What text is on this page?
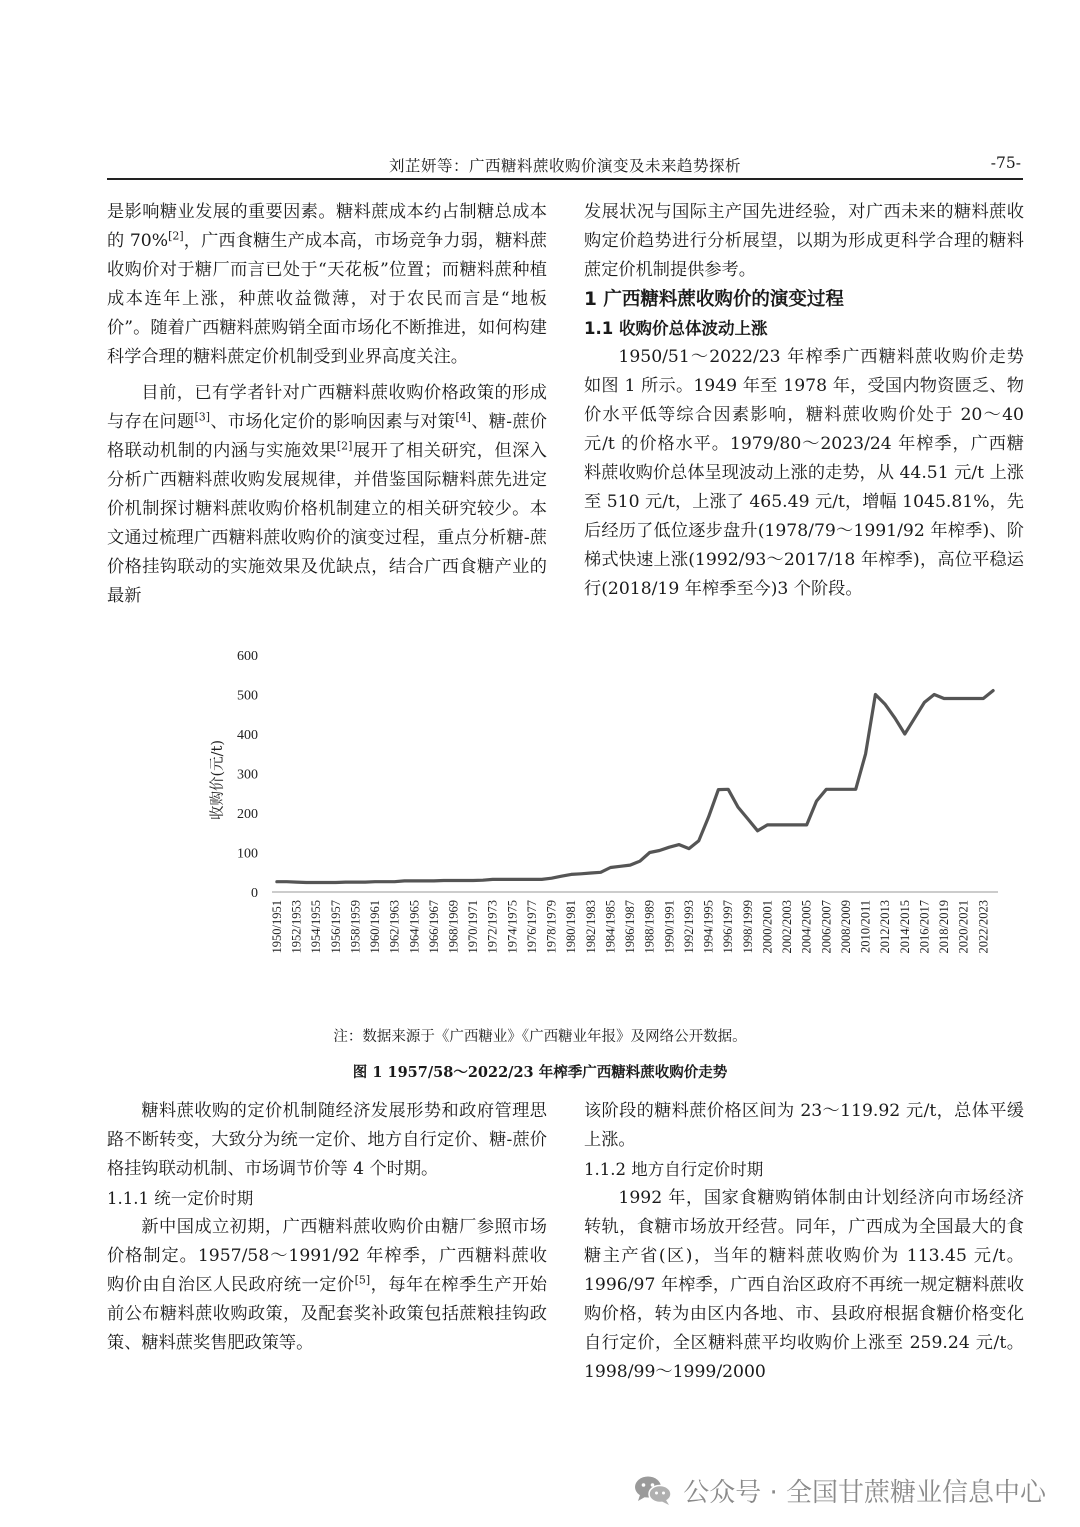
刘芷妍等：广西糖料蔗收购价演变及未来趋势探析	-75-

是影响糖业发展的重要因素。糖料蔗成本约占制糖总成本的 70%[2]，广西食糖生产成本高，市场竞争力弱，糖料蔗收购价对于糖厂而言已处于“天花板”位置；而糖料蔗种植成本连年上涨，种蔗收益微薄，对于农民而言是“地板价”。随着广西糖料蔗购销全面市场化不断推进，如何构建科学合理的糖料蔗定价机制受到业界高度关注。

目前，已有学者针对广西糖料蔗收购价格政策的形成与存在问题[3]、市场化定价的影响因素与对策[4]、糖-蔗价格联动机制的内涵与实施效果[2]展开了相关研究，但深入分析广西糖料蔗收购发展规律，并借鉴国际糖料蔗先进定价机制探讨糖料蔗收购价格机制建立的相关研究较少。本文通过梳理广西糖料蔗收购价的演变过程，重点分析糖-蔗价格挂钩联动的实施效果及优缺点，结合广西食糖产业的最新

发展状况与国际主产国先进经验，对广西未来的糖料蔗收购定价趋势进行分析展望，以期为形成更科学合理的糖料蔗定价机制提供参考。

1 广西糖料蔗收购价的演变过程

1.1 收购价总体波动上涨

1950/51～2022/23 年榨季广西糖料蔗收购价走势如图 1 所示。1949 年至 1978 年，受国内物资匮乏、物价水平低等综合因素影响，糖料蔗收购价处于 20～40 元/t 的价格水平。1979/80～2023/24 年榨季，广西糖料蔗收购价总体呈现波动上涨的走势，从 44.51 元/t 上涨至 510 元/t，上涨了 465.49 元/t，增幅 1045.81%，先后经历了低位逐步盘升(1978/79～1991/92 年榨季)、阶梯式快速上涨(1992/93～2017/18 年榨季)，高位平稳运行(2018/19 年榨季至今)3 个阶段。

收购价(元/t)
0
100
200
300
400
500
600
1950/1951 1952/1953 1954/1955 1956/1957 1958/1959 1960/1961 1962/1963 1964/1965 1966/1967 1968/1969 1970/1971 1972/1973 1974/1975 1976/1977 1978/1979 1980/1981 1982/1983 1984/1985 1986/1987 1988/1989 1990/1991 1992/1993 1994/1995 1996/1997 1998/1999 2000/2001 2002/2003 2004/2005 2006/2007 2008/2009 2010/2011 2012/2013 2014/2015 2016/2017 2018/2019 2020/2021 2022/2023
注：数据来源于《广西糖业》《广西糖业年报》及网络公开数据。
图 1 1957/58～2022/23 年榨季广西糖料蔗收购价走势

糖料蔗收购的定价机制随经济发展形势和政府管理思路不断转变，大致分为统一定价、地方自行定价、糖-蔗价格挂钩联动机制、市场调节价等 4 个时期。

1.1.1 统一定价时期

新中国成立初期，广西糖料蔗收购价由糖厂参照市场价格制定。1957/58～1991/92 年榨季，广西糖料蔗收购价由自治区人民政府统一定价[5]，每年在榨季生产开始前公布糖料蔗收购政策，及配套奖补政策包括蔗粮挂钩政策、糖料蔗奖售肥政策等。

该阶段的糖料蔗价格区间为 23～119.92 元/t，总体平缓上涨。

1.1.2 地方自行定价时期

1992 年，国家食糖购销体制由计划经济向市场经济转轨，食糖市场放开经营。同年，广西成为全国最大的食糖主产省(区)，当年的糖料蔗收购价为 113.45 元/t。1996/97 年榨季，广西自治区政府不再统一规定糖料蔗收购价格，转为由区内各地、市、县政府根据食糖价格变化自行定价，全区糖料蔗平均收购价上涨至 259.24 元/t。1998/99～1999/2000

公众号 · 全国甘蔗糖业信息中心
